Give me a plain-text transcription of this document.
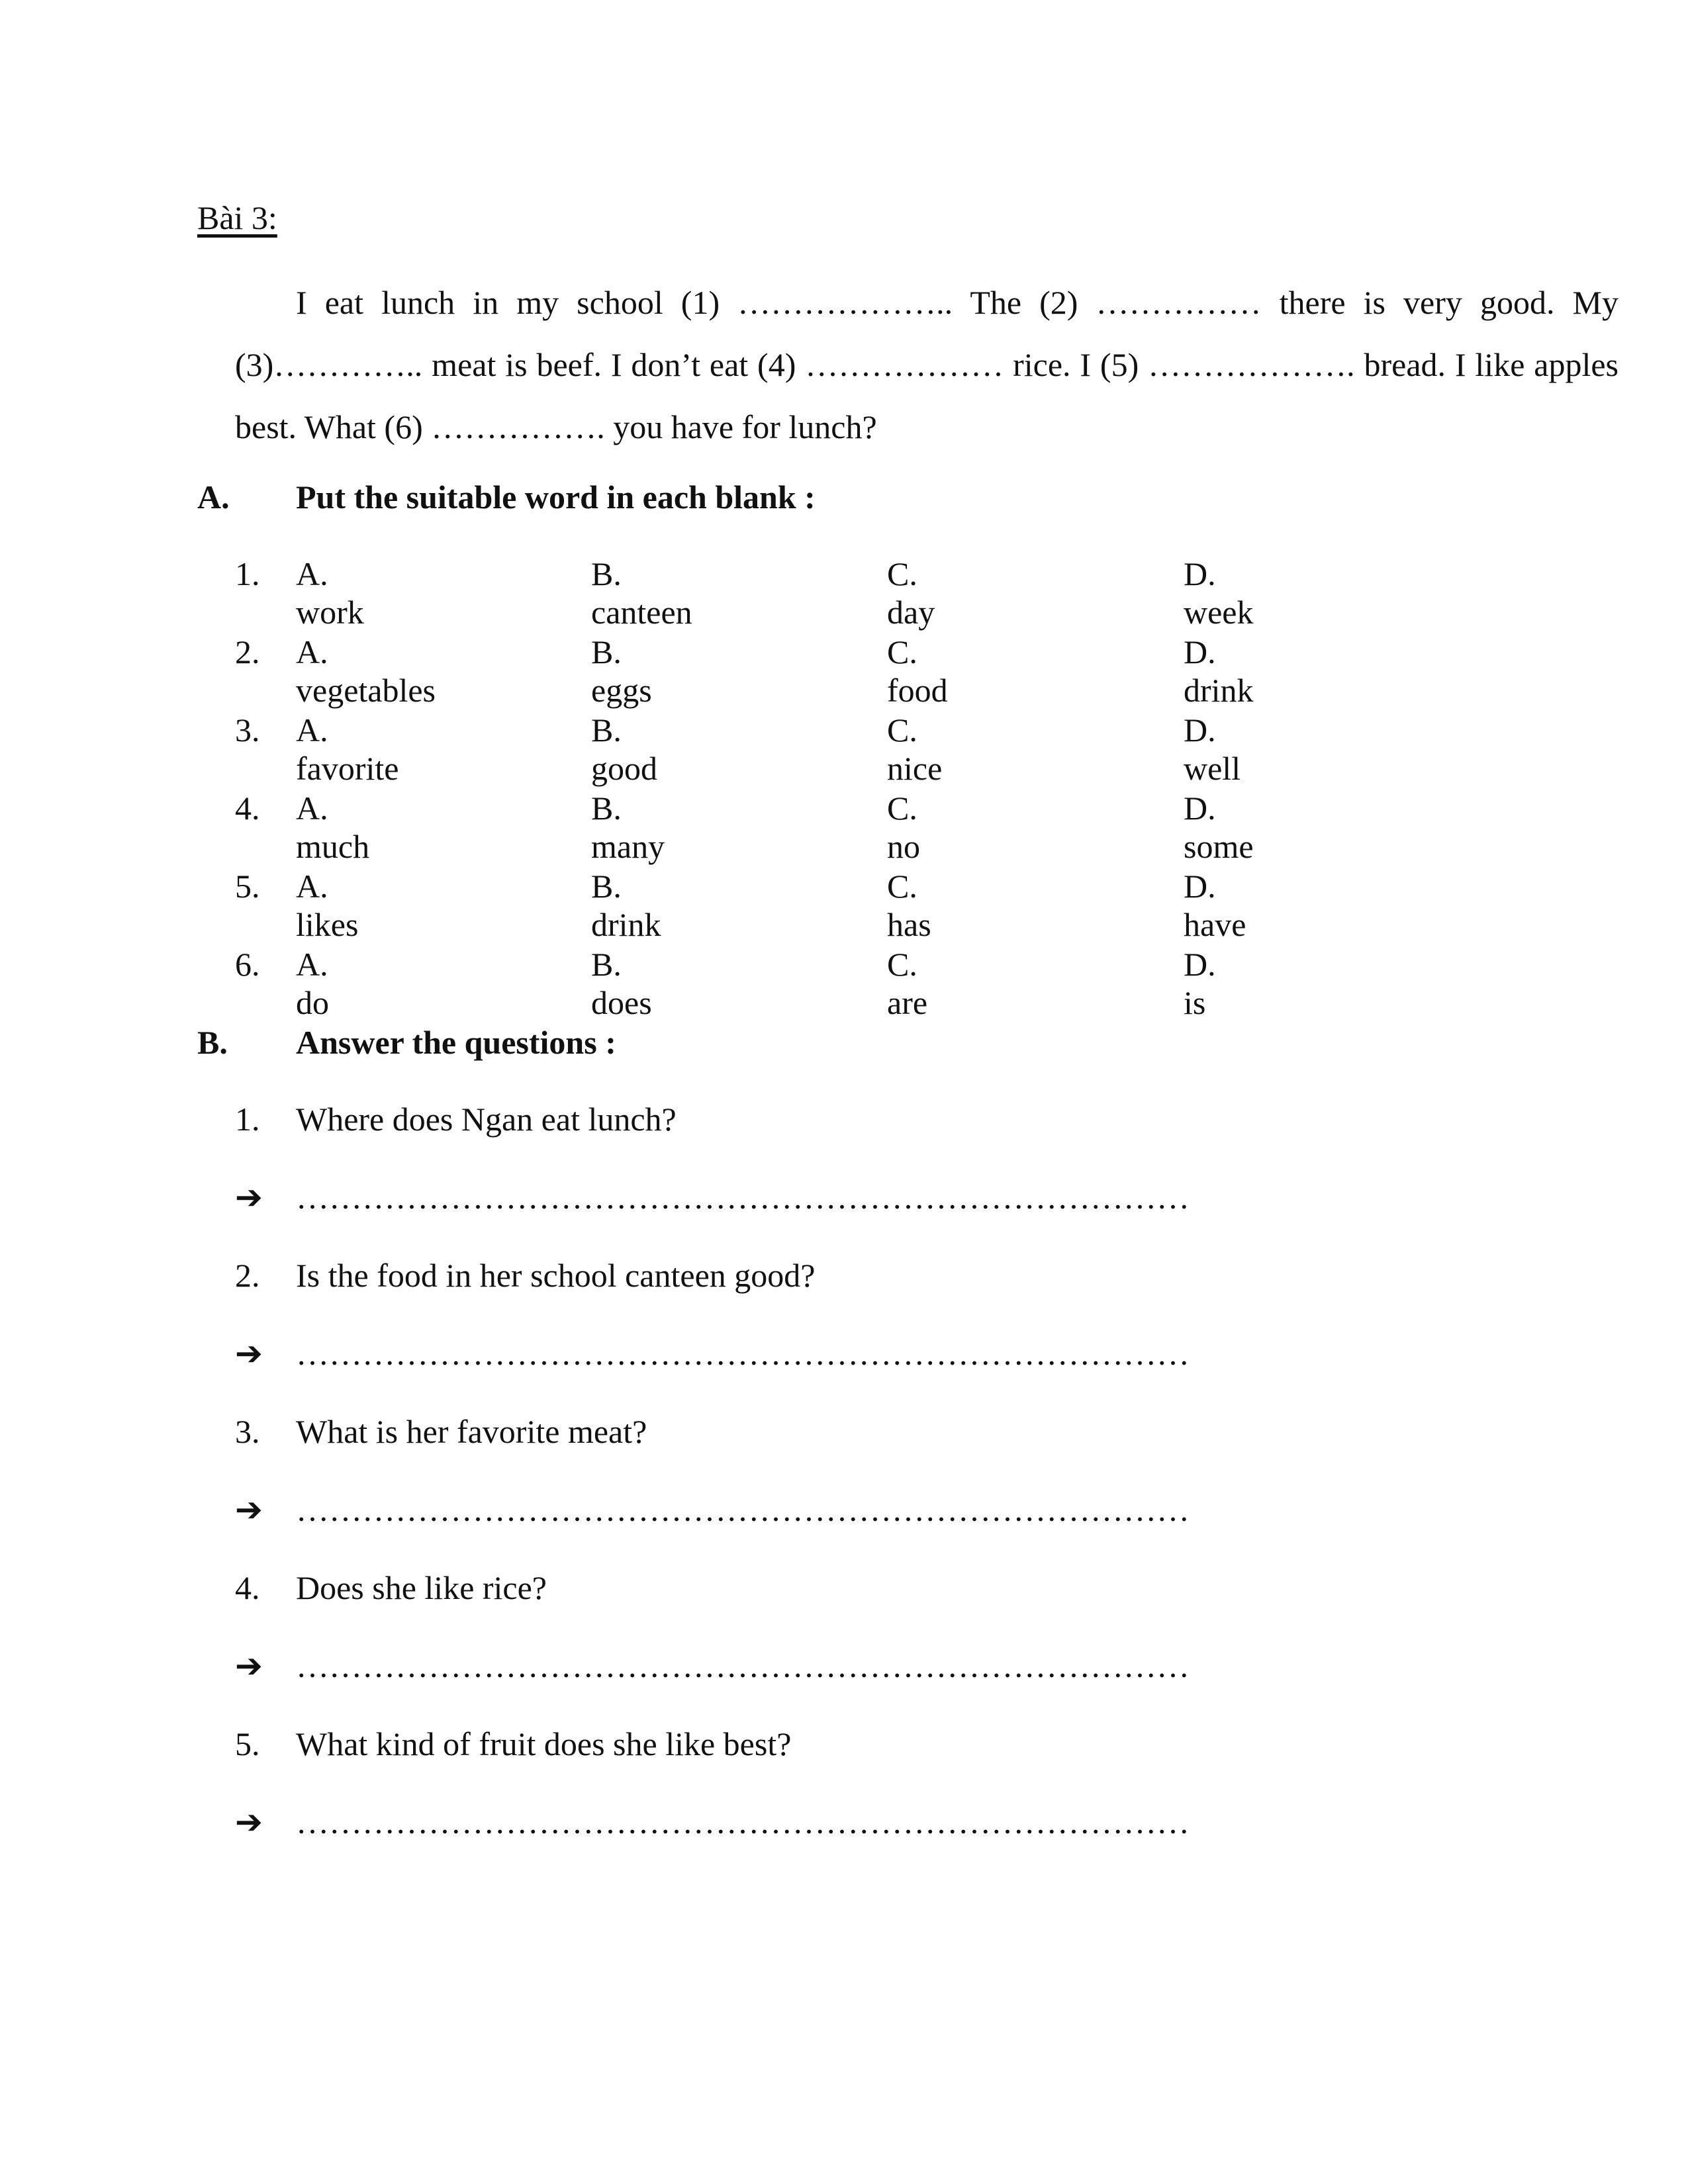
Bài 3:
I eat lunch in my school (1) ……………….. The (2) …………… there is very good. My (3)………….. meat is beef. I don’t eat (4) ……………… rice. I (5) ………………. bread. I like apples best. What (6) ……………. you have for lunch?
A. Put the suitable word in each blank :
1. A. work
B. canteen
C. day
D. week
2. A. vegetables
B. eggs
C. food
D. drink
3. A. favorite
B. good
C. nice
D. well
4. A. much
B. many
C. no
D. some
5. A. likes
B. drink
C. has
D. have
6. A. do
B. does
C. are
D. is
B. Answer the questions :
1. Where does Ngan eat lunch?
➔ ………………………………………………………………………
2. Is the food in her school canteen good?
➔ ………………………………………………………………………
3. What is her favorite meat?
➔ ………………………………………………………………………
4. Does she like rice?
➔ ………………………………………………………………………
5. What kind of fruit does she like best?
➔ ………………………………………………………………………
